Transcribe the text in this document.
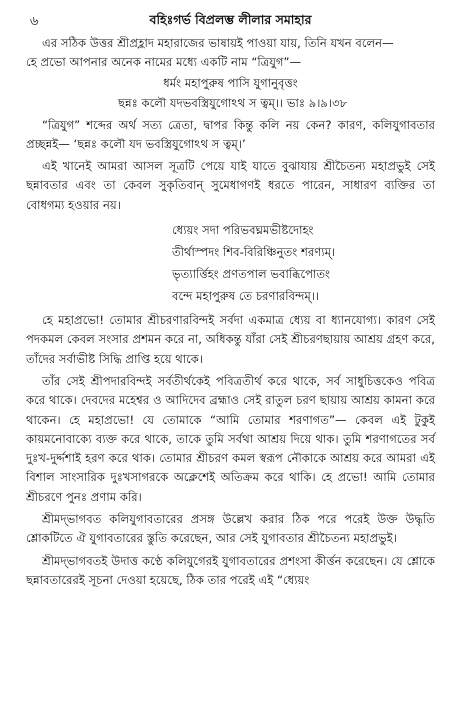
৬	বহিঃগর্ভ বিপ্রলম্ভ লীলার সমাহার

এর সঠিক উত্তর শ্রীপ্রহ্লাদ মহারাজের ভাষায়ই পাওয়া যায়, তিনি যখন বলেন—

হে প্রভো আপনার অনেক নামের মধ্যে একটি নাম “ত্রিযুগ”—

ধর্মং মহাপুরুষ পাসি যুগানুবৃত্তং
ছন্নঃ কলৌ যদভবস্ত্রিযুগোঽথ স ত্বম্।। ভাঃ ৯।৯।৩৮

“ত্রিযুগ” শব্দের অর্থ সত্য ত্রেতা, দ্বাপর কিন্তু কলি নয় কেন? কারণ, কলিযুগাবতার প্রচ্ছন্নই— ‘ছন্নঃ কলৌ যদ ভবস্ত্রিযুগোঽথ স ত্বম্।’

এই খানেই আমরা আসল সূত্রটি পেয়ে যাই যাতে বুঝাযায় শ্রীচৈতন্য মহাপ্রভুই সেই ছন্নাবতার এবং তা কেবল সুকৃতিবান্ সুমেধাগণই ধরতে পারেন, সাধারণ ব্যক্তির তা বোধগম্য হওয়ার নয়।

ধ্যেয়ং সদা পরিভবঘ্নমভীষ্টদোহং
তীর্থাস্পদং শিব-বিরিঞ্চিনুতং শরণ্যম্।
ভৃত্যার্ত্তিহং প্রণতপাল ভবাব্ধিপোতং
বন্দে মহাপুরুষ তে চরণারবিন্দম্।।

হে মহাপ্রভো! তোমার শ্রীচরণারবিন্দই সর্বদা একমাত্র ধ্যেয় বা ধ্যানযোগ্য। কারণ সেই পদকমল কেবল সংসার প্রশমন করে না, অধিকন্তু যাঁরা সেই শ্রীচরণছায়ায় আশ্রয় গ্রহণ করে, তাঁদের সর্বাভীষ্ট সিদ্ধি প্রাপ্তি হয়ে থাকে।

তাঁর সেই শ্রীপদারবিন্দই সর্বতীর্থকেই পবিত্রতীর্থ করে থাকে, সর্ব সাধুচিত্তকেও পবিত্র করে থাকে। দেবদের মহেশ্বর ও আদিদেব ব্রহ্মাও সেই রাতুল চরণ ছায়ায় আশ্রয় কামনা করে থাকেন। হে মহাপ্রভো! যে তোমাকে “আমি তোমার শরণাগত”— কেবল এই টুকুই কায়মনোবাক্যে ব্যক্ত করে থাকে, তাকে তুমি সর্বথা আশ্রয় দিয়ে থাক। তুমি শরণাগতের সর্ব দুঃখ-দুর্দ্দশাই হরণ করে থাক। তোমার শ্রীচরণ কমল স্বরূপ নৌকাকে আশ্রয় করে আমরা এই বিশাল সাংসারিক দুঃখসাগরকে অক্লেশেই অতিক্রম করে থাকি। হে প্রভো! আমি তোমার শ্রীচরণে পুনঃ প্রণাম করি।

শ্রীমদ্‌ভাগবত কলিযুগাবতারের প্রসঙ্গ উল্লেখ করার ঠিক পরে পরেই উক্ত উদ্ধৃতি শ্লোকটিতে ঐ যুগাবতারের স্তুতি করেছেন, আর সেই যুগাবতার শ্রীচৈতন্য মহাপ্রভুই।

শ্রীমদ্‌ভাগবতই উদাত্ত কণ্ঠে কলিযুগেরই যুগাবতারের প্রশংসা কীর্ত্তন করেছেন। যে শ্লোকে ছন্নাবতারেরই সূচনা দেওয়া হয়েছে, ঠিক তার পরেই এই “ধ্যেয়ং
